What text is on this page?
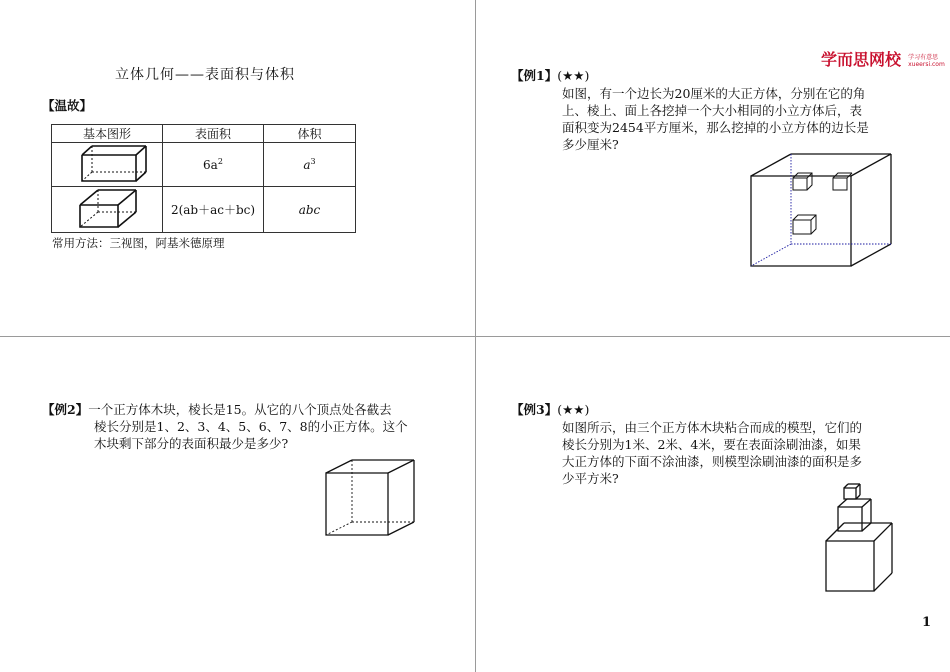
立体几何——表面积与体积
【温故】
基本图形	表面积	体积
	$6a^2$	$a^3$
	2(ab＋ac＋bc)	abc
常用方法：三视图，阿基米德原理
学而思网校 学习有意思
xueersi.com
【例1】(★★)
如图，有一个边长为20厘米的大正方体，分别在它的角
上、棱上、面上各挖掉一个大小相同的小立方体后，表
面积变为2454平方厘米，那么挖掉的小立方体的边长是
多少厘米?
【例2】一个正方体木块，棱长是15。从它的八个顶点处各截去
棱长分别是1、2、3、4、5、6、7、8的小正方体。这个
木块剩下部分的表面积最少是多少?
【例3】(★★)
如图所示，由三个正方体木块粘合而成的模型，它们的
棱长分别为1米、2米、4米，要在表面涂刷油漆，如果
大正方体的下面不涂油漆，则模型涂刷油漆的面积是多
少平方米?
1
